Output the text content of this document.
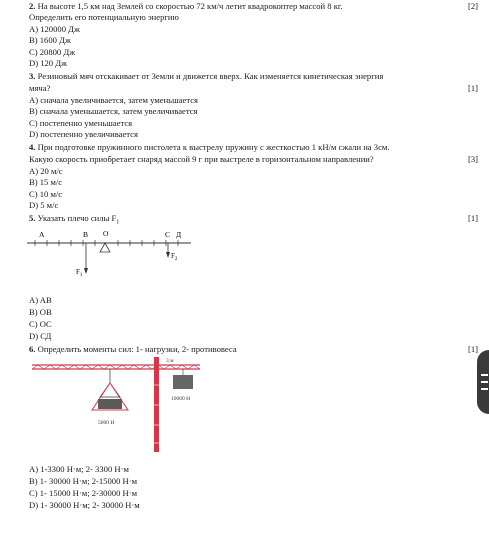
2. На высоте 1,5 км над Землей со скоростью 72 км/ч летит квадрокоптер массой 8 кг.	[2]
Определить его потенциальную энергию
A) 120000 Дж
B) 1600 Дж
C) 20800 Дж
D) 120 Дж
3. Резиновый мяч отскакивает от Земли и движется вверх. Как изменяется кинетическая энергия
мяча?	[1]
A) сначала увеличивается, затем уменьшается
B) сначала уменьшается, затем увеличивается
C) постепенно уменьшается
D) постепенно увеличивается
4. При подготовке пружинного пистолета к выстрелу пружину с жесткостью 1 кН/м сжали на 3см.
Какую скорость приобретает снаряд массой 9 г при выстреле в горизонтальном направлении?	[3]
A) 20 м/с
B) 15 м/с
C) 10 м/с
D) 5 м/с
5. Указать плечо силы $F_1$	[1]
A	B O	C Д
$F_1$
$F_2$
A) AB
B) OB
C) OC
D) СД
6. Определить моменты сил: 1- нагрузки, 2- противовеса	[1]
3 м
10000 Н
5000 Н
A) 1-3300 Н·м; 2- 3300 Н·м
B) 1- 30000 Н·м; 2-15000 Н·м
C) 1- 15000 Н·м; 2-30000 Н·м
D) 1- 30000 Н·м; 2- 30000 Н·м
